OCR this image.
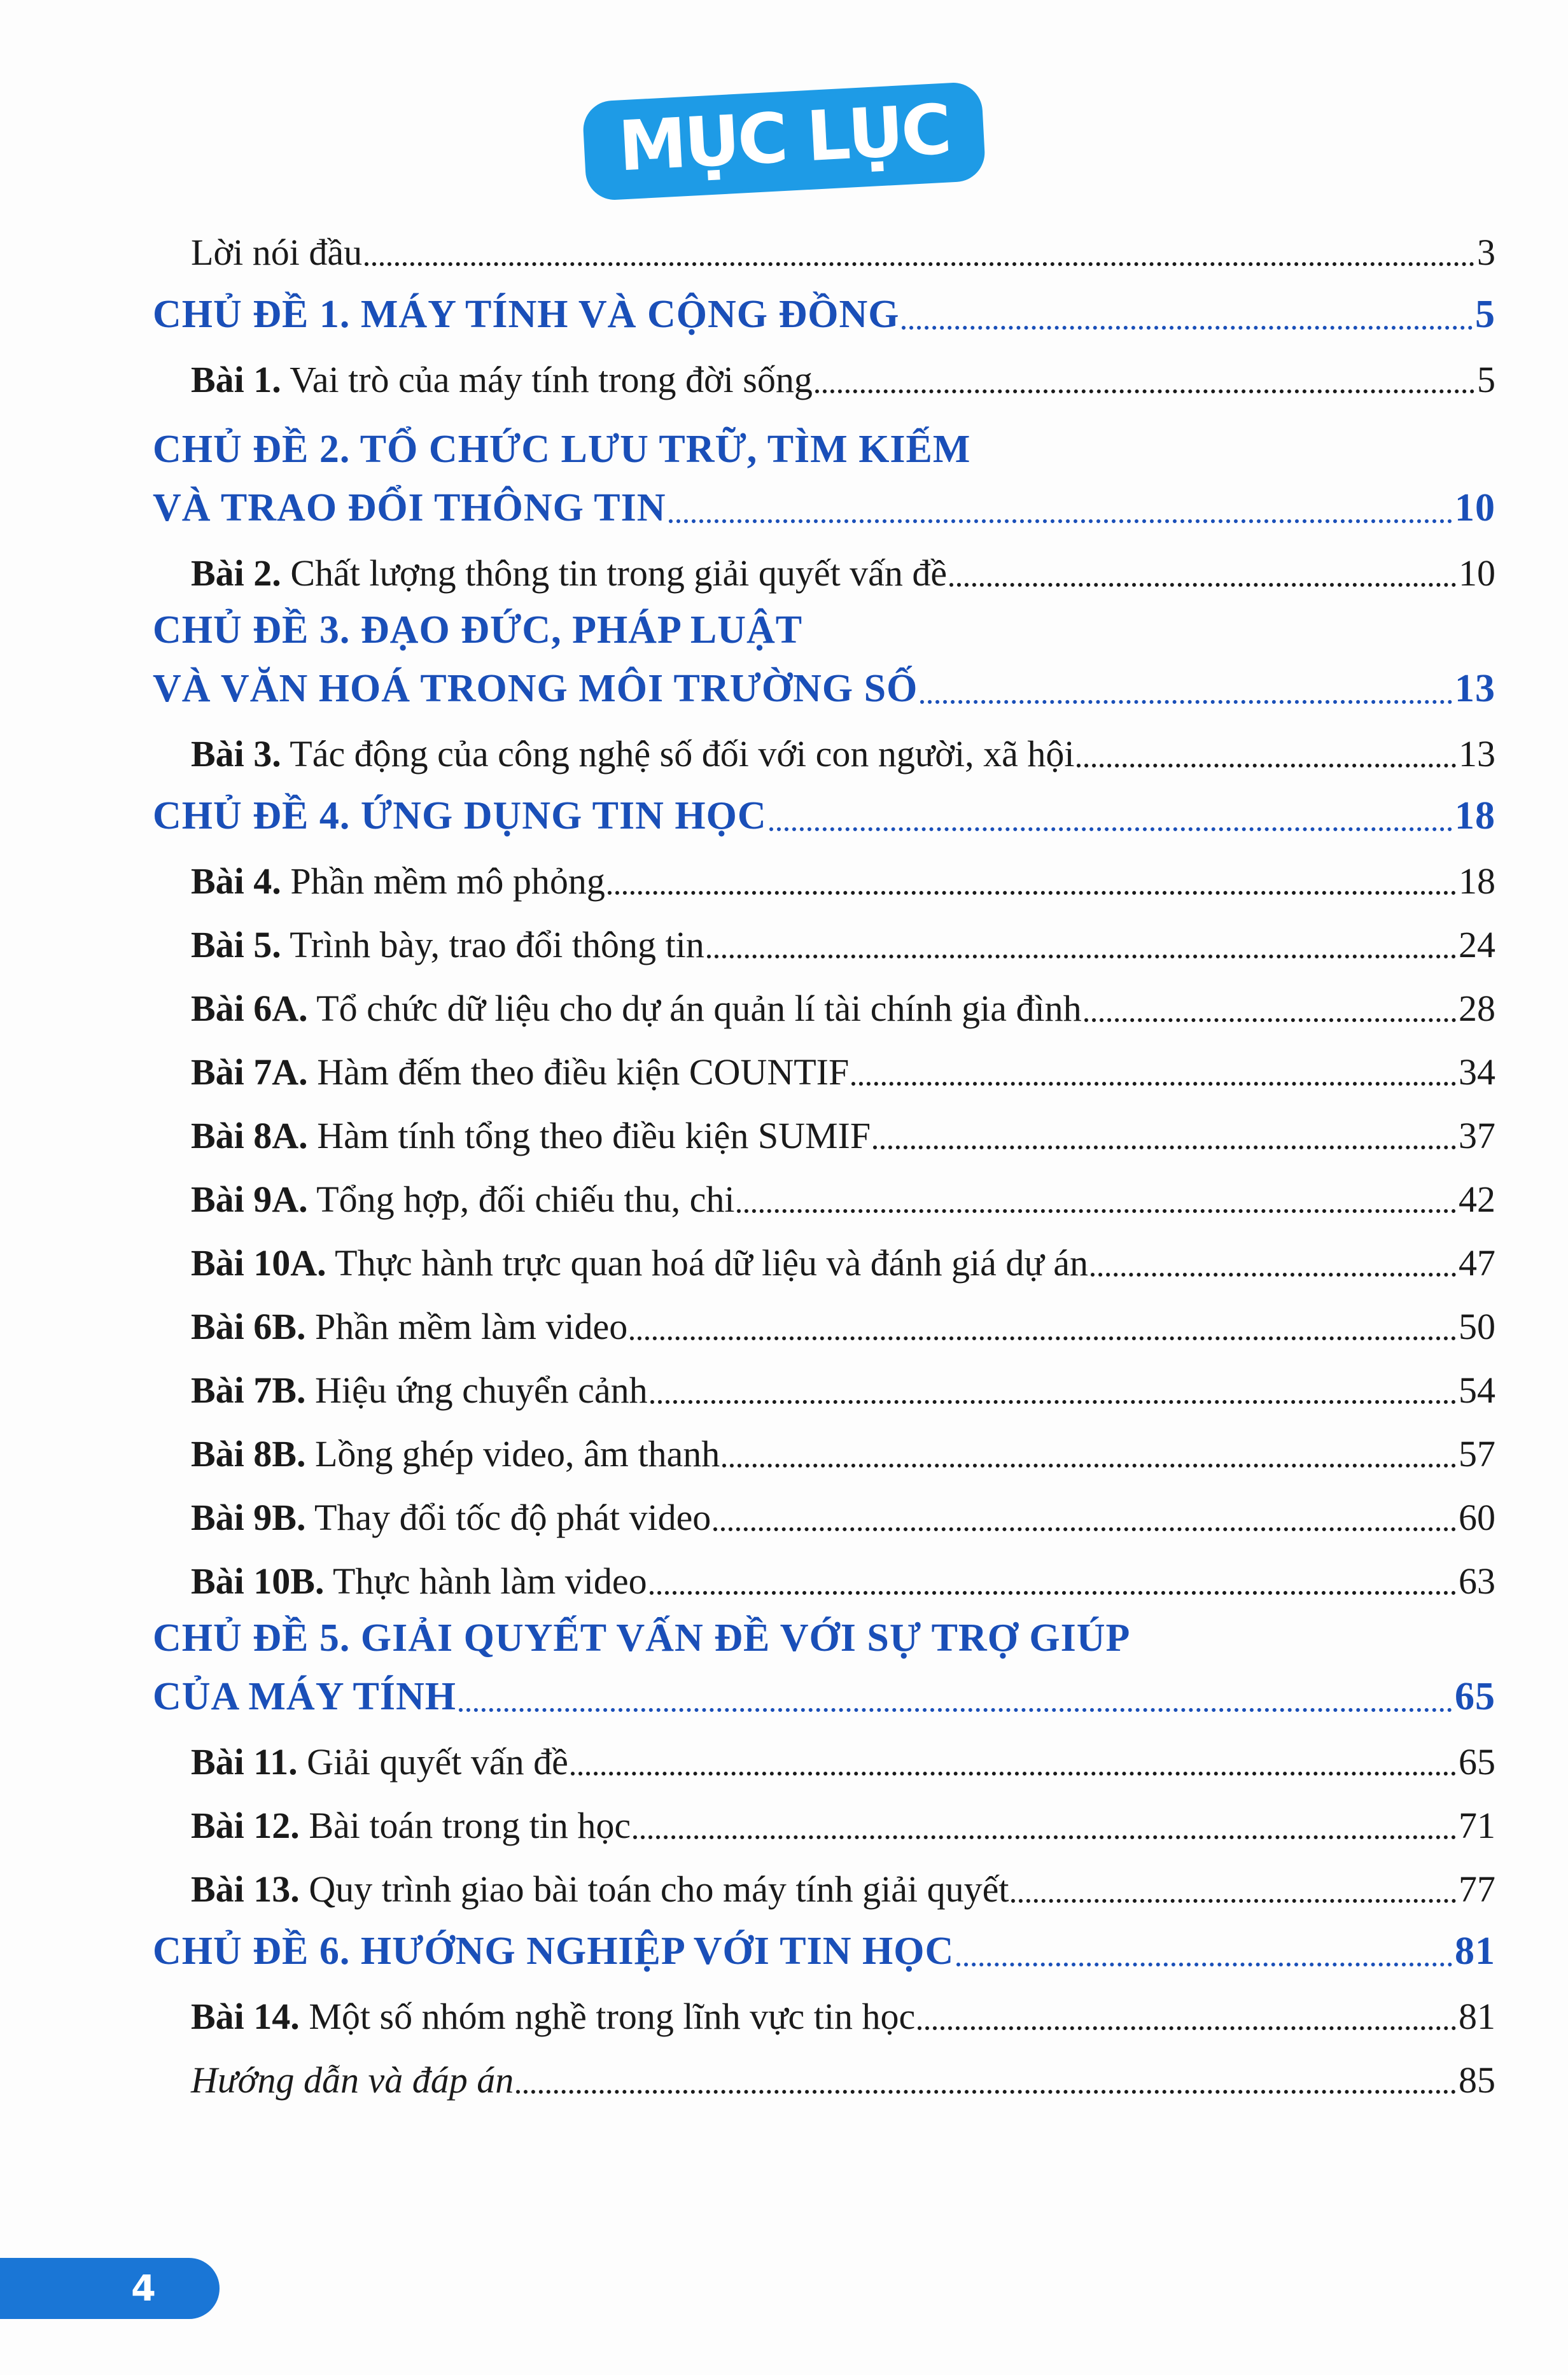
MỤC LỤC
Lời nói đầu	3
CHỦ ĐỀ 1. MÁY TÍNH VÀ CỘNG ĐỒNG	5
Bài 1. Vai trò của máy tính trong đời sống	5
CHỦ ĐỀ 2. TỔ CHỨC LƯU TRỮ, TÌM KIẾM
VÀ TRAO ĐỔI THÔNG TIN	10
Bài 2. Chất lượng thông tin trong giải quyết vấn đề	10
CHỦ ĐỀ 3. ĐẠO ĐỨC, PHÁP LUẬT
VÀ VĂN HOÁ TRONG MÔI TRƯỜNG SỐ	13
Bài 3. Tác động của công nghệ số đối với con người, xã hội	13
CHỦ ĐỀ 4. ỨNG DỤNG TIN HỌC	18
Bài 4. Phần mềm mô phỏng	18
Bài 5. Trình bày, trao đổi thông tin	24
Bài 6A. Tổ chức dữ liệu cho dự án quản lí tài chính gia đình	28
Bài 7A. Hàm đếm theo điều kiện COUNTIF	34
Bài 8A. Hàm tính tổng theo điều kiện SUMIF	37
Bài 9A. Tổng hợp, đối chiếu thu, chi	42
Bài 10A. Thực hành trực quan hoá dữ liệu và đánh giá dự án	47
Bài 6B. Phần mềm làm video	50
Bài 7B. Hiệu ứng chuyển cảnh	54
Bài 8B. Lồng ghép video, âm thanh	57
Bài 9B. Thay đổi tốc độ phát video	60
Bài 10B. Thực hành làm video	63
CHỦ ĐỀ 5. GIẢI QUYẾT VẤN ĐỀ VỚI SỰ TRỢ GIÚP
CỦA MÁY TÍNH	65
Bài 11. Giải quyết vấn đề	65
Bài 12. Bài toán trong tin học	71
Bài 13. Quy trình giao bài toán cho máy tính giải quyết	77
CHỦ ĐỀ 6. HƯỚNG NGHIỆP VỚI TIN HỌC	81
Bài 14. Một số nhóm nghề trong lĩnh vực tin học	81
Hướng dẫn và đáp án	85
4
